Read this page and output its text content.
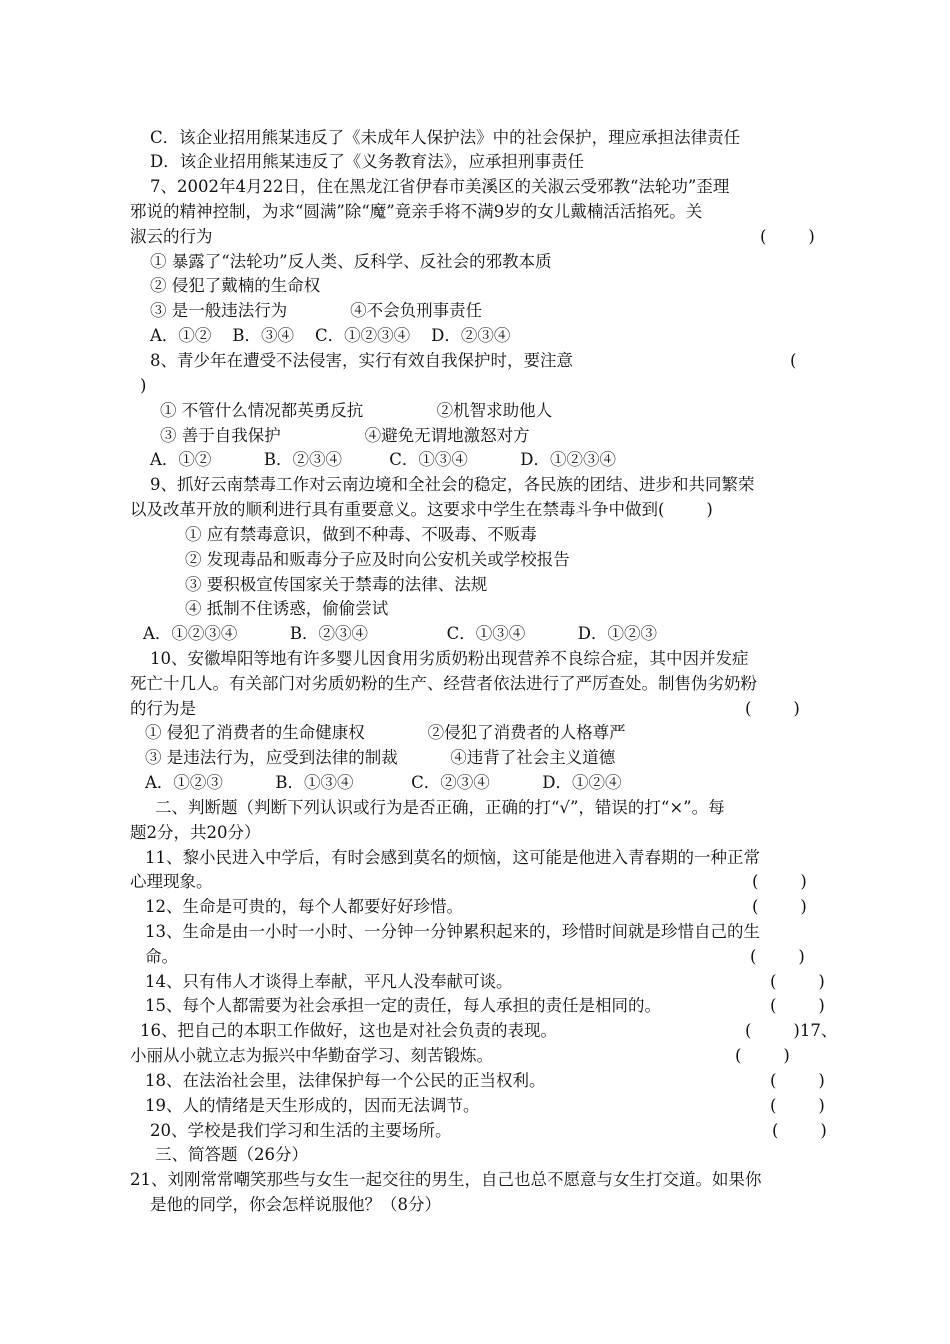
C．该企业招用熊某违反了《未成年人保护法》中的社会保护，理应承担法律责任
D．该企业招用熊某违反了《义务教育法》，应承担刑事责任
7、2002年4月22日，住在黑龙江省伊春市美溪区的关淑云受邪教“法轮功”歪理
邪说的精神控制，为求“圆满”除“魔”竟亲手将不满9岁的女儿戴楠活活掐死。关
淑云的行为
① 暴露了“法轮功”反人类、反科学、反社会的邪教本质
② 侵犯了戴楠的生命权
③ 是一般违法行为            ④不会负刑事责任
A．①②    B．③④    C．①②③④    D．②③④
8、青少年在遭受不法侵害，实行有效自我保护时，要注意
)
① 不管什么情况都英勇反抗              ②机智求助他人
③ 善于自我保护                ④避免无谓地激怒对方
A．①②          B．②③④         C．①③④          D．①②③④
9、抓好云南禁毒工作对云南边境和全社会的稳定，各民族的团结、进步和共同繁荣
以及改革开放的顺利进行具有重要意义。这要求中学生在禁毒斗争中做到(        )
① 应有禁毒意识，做到不种毒、不吸毒、不贩毒
② 发现毒品和贩毒分子应及时向公安机关或学校报告
③ 要积极宣传国家关于禁毒的法律、法规
④ 抵制不住诱惑，偷偷尝试
A．①②③④          B．②③④               C．①③④          D．①②③
10、安徽埠阳等地有许多婴儿因食用劣质奶粉出现营养不良综合症，其中因并发症
死亡十几人。有关部门对劣质奶粉的生产、经营者依法进行了严厉查处。制售伪劣奶粉
的行为是
① 侵犯了消费者的生命健康权            ②侵犯了消费者的人格尊严
③ 是违法行为，应受到法律的制裁          ④违背了社会主义道德
A．①②③          B．①③④           C．②③④          D．①②④
二、判断题（判断下列认识或行为是否正确，正确的打“√”，错误的打“×”。每
题2分，共20分）
11、黎小民进入中学后，有时会感到莫名的烦恼，这可能是他进入青春期的一种正常
心理现象。
12、生命是可贵的，每个人都要好好珍惜。
13、生命是由一小时一小时、一分钟一分钟累积起来的，珍惜时间就是珍惜自己的生
命。
14、只有伟人才谈得上奉献，平凡人没奉献可谈。
15、每个人都需要为社会承担一定的责任，每人承担的责任是相同的。
16、把自己的本职工作做好，这也是对社会负责的表现。
小丽从小就立志为振兴中华勤奋学习、刻苦锻炼。
18、在法治社会里，法律保护每一个公民的正当权利。
19、人的情绪是天生形成的，因而无法调节。
20、学校是我们学习和生活的主要场所。
三、简答题（26分）
21、刘刚常常嘲笑那些与女生一起交往的男生，自己也总不愿意与女生打交道。如果你
是他的同学，你会怎样说服他？（8分）
(        )
(
(        )
(        )
(        )
(        )
(        )
(        )
(        )17、
(        )
(        )
(        )
(        )
